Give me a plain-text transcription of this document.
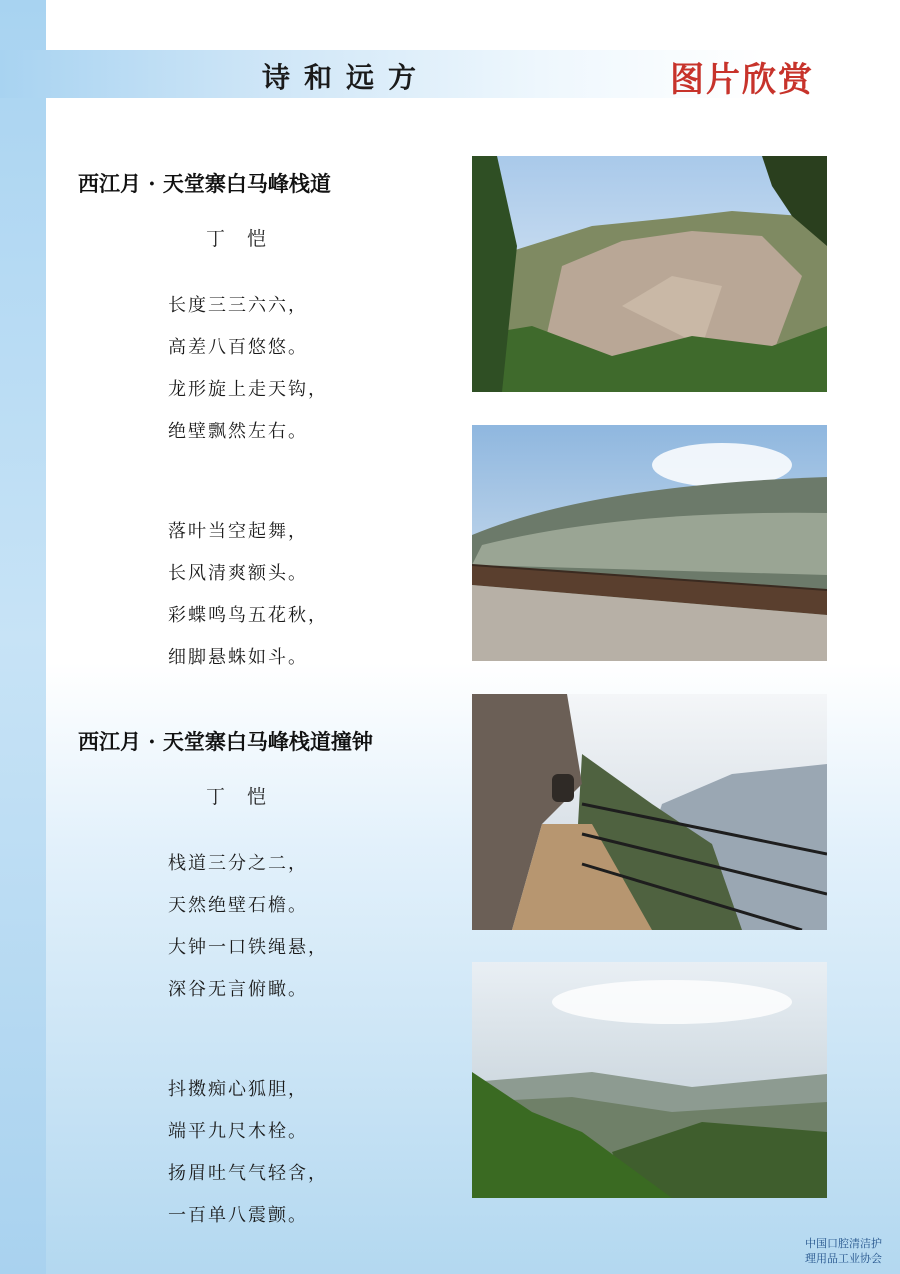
诗和远方	图片欣赏
西江月 · 天堂寨白马峰栈道
丁 恺
长度三三六六，
高差八百悠悠。
龙形旋上走天钩，
绝壁飘然左右。
落叶当空起舞，
长风清爽额头。
彩蝶鸣鸟五花秋，
细脚悬蛛如斗。
西江月 · 天堂寨白马峰栈道撞钟
丁 恺
栈道三分之二，
天然绝壁石檐。
大钟一口铁绳悬，
深谷无言俯瞰。
抖擞痴心狐胆，
端平九尺木栓。
扬眉吐气气轻含，
一百单八震颤。
中国口腔清洁护
理用品工业协会
